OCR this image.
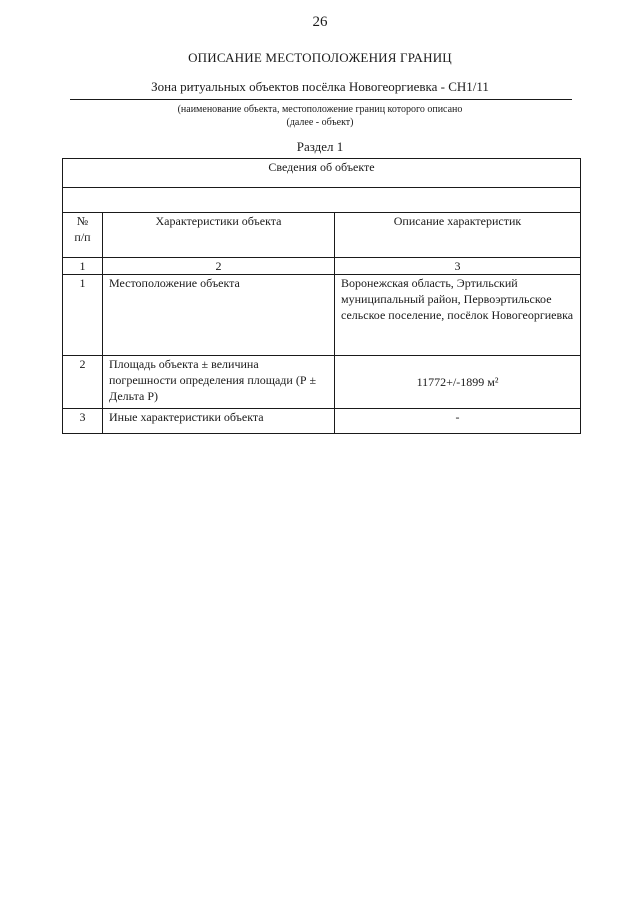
26
ОПИСАНИЕ МЕСТОПОЛОЖЕНИЯ ГРАНИЦ
Зона ритуальных объектов посёлка Новогеоргиевка - СН1/11
(наименование объекта, местоположение границ которого описано
(далее - объект)
Раздел 1
Сведения об объекте		

№
п/п	Характеристики объекта	Описание характеристик
1	2	3
1	Местоположение объекта	Воронежская область, Эртильский муниципальный район, Первоэртильское сельское поселение, посёлок Новогеоргиевка
2	Площадь объекта ± величина погрешности определения площади (Р ± Дельта Р)	11772+/-1899 м²
3	Иные характеристики объекта	-
